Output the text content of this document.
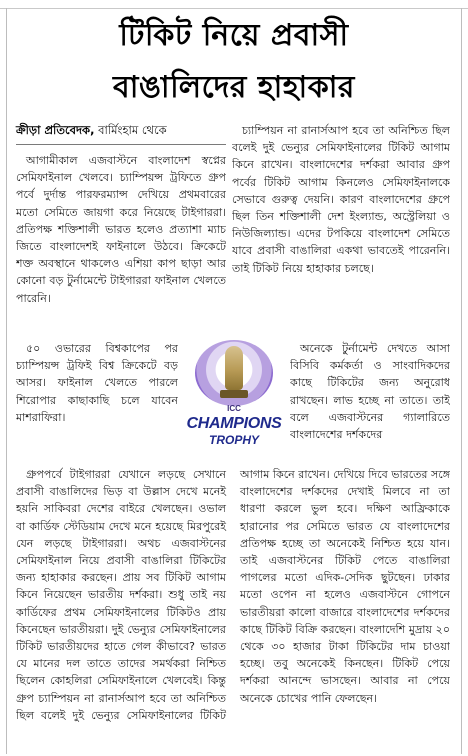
টিকিট নিয়ে প্রবাসী
বাঙালিদের হাহাকার
ক্রীড়া প্রতিবেদক, বার্মিংহাম থেকে	চ্যাম্পিয়ন না রানার্সআপ হবে তা অনিশ্চিত ছিল বলেই দুই ভেন্যুর সেমিফাইনালের টিকিট আগাম কিনে রাখেন। বাংলাদেশের দর্শকরা আবার গ্রুপ পর্বের টিকিট আগাম কিনলেও সেমিফাইনালকে সেভাবে গুরুত্ব দেয়নি। কারণ বাংলাদেশের গ্রুপে ছিল তিন শক্তিশালী দেশ ইংল্যান্ড, অস্ট্রেলিয়া ও নিউজিল্যান্ড। এদের টপকিয়ে বাংলাদেশ সেমিতে যাবে প্রবাসী বাঙালিরা একথা ভাবতেই পারেননি। তাই টিকিট নিয়ে হাহাকার চলছে।

আগামীকাল এজবাস্টনে বাংলাদেশ স্বপ্নের সেমিফাইনাল খেলবে। চ্যাম্পিয়ন্স ট্রফিতে গ্রুপ পর্বে দুর্দান্ত পারফরম্যান্স দেখিয়ে প্রথমবারের মতো সেমিতে জায়গা করে নিয়েছে টাইগাররা। প্রতিপক্ষ শক্তিশালী ভারত হলেও প্রত্যাশা ম্যাচ জিতে বাংলাদেশই ফাইনালে উঠবে। ক্রিকেটে শক্ত অবস্থানে থাকলেও এশিয়া কাপ ছাড়া আর কোনো বড় টুর্নামেন্টে টাইগাররা ফাইনাল খেলতে পারেনি।

৫০ ওভারের বিশ্বকাপের পর চ্যাম্পিয়ন্স ট্রফিই বিশ্ব ক্রিকেটে বড় আসর। ফাইনাল খেলতে পারলে শিরোপার কাছাকাছি চলে যাবেন মাশরাফিরা।

ICC
CHAMPIONS
TROPHY

অনেকে টুর্নামেন্ট দেখতে আসা বিসিবি কর্মকর্তা ও সাংবাদিকদের কাছে টিকিটের জন্য অনুরোধ রাখছেন। লাভ হচ্ছে না তাতে। তাই বলে এজবাস্টনের গ্যালারিতে বাংলাদেশের দর্শকদের

গ্রুপপর্বে টাইগাররা যেখানে লড়ছে সেখানে প্রবাসী বাঙালিদের ভিড় বা উল্লাস দেখে মনেই হয়নি সাকিবরা দেশের বাইরে খেলছেন। ওভাল বা কার্ডিফ স্টেডিয়াম দেখে মনে হয়েছে মিরপুরেই যেন লড়ছে টাইগাররা। অথচ এজবাস্টনের সেমিফাইনাল নিয়ে প্রবাসী বাঙালিরা টিকিটের জন্য হাহাকার করছেন। প্রায় সব টিকিট আগাম কিনে নিয়েছেন ভারতীয় দর্শকরা। শুধু তাই নয় কার্ডিফের প্রথম সেমিফাইনালের টিকিটও প্রায় কিনেছেন ভারতীয়রা। দুই ভেন্যুর সেমিফাইনালের টিকিট ভারতীয়দের হাতে গেল কীভাবে? ভারত যে মানের দল তাতে তাদের সমর্থকরা নিশ্চিত ছিলেন কোহলিরা সেমিফাইনালে খেলবেই। কিন্তু গ্রুপ চ্যাম্পিয়ন না রানার্সআপ হবে তা অনিশ্চিত ছিল বলেই দুই ভেন্যুর সেমিফাইনালের টিকিট আগাম কিনে রাখেন। দেখিয়ে দিবে ভারতের সঙ্গে বাংলাদেশের দর্শকদের দেখাই মিলবে না তা ধারণা করলে ভুল হবে। দক্ষিণ আফ্রিকাকে হারানোর পর সেমিতে ভারত যে বাংলাদেশের প্রতিপক্ষ হচ্ছে তা অনেকেই নিশ্চিত হয়ে যান। তাই এজবাস্টনের টিকিট পেতে বাঙালিরা পাগলের মতো এদিক-সেদিক ছুটছেন। ঢাকার মতো ওপেন না হলেও এজবাস্টনে গোপনে ভারতীয়রা কালো বাজারে বাংলাদেশের দর্শকদের কাছে টিকিট বিক্রি করছেন। বাংলাদেশি মুদ্রায় ২০ থেকে ৩০ হাজার টাকা টিকিটের দাম চাওয়া হচ্ছে। তবু অনেকেই কিনছেন। টিকিট পেয়ে দর্শকরা আনন্দে ভাসছেন। আবার না পেয়ে অনেকে চোখের পানি ফেলছেন।
